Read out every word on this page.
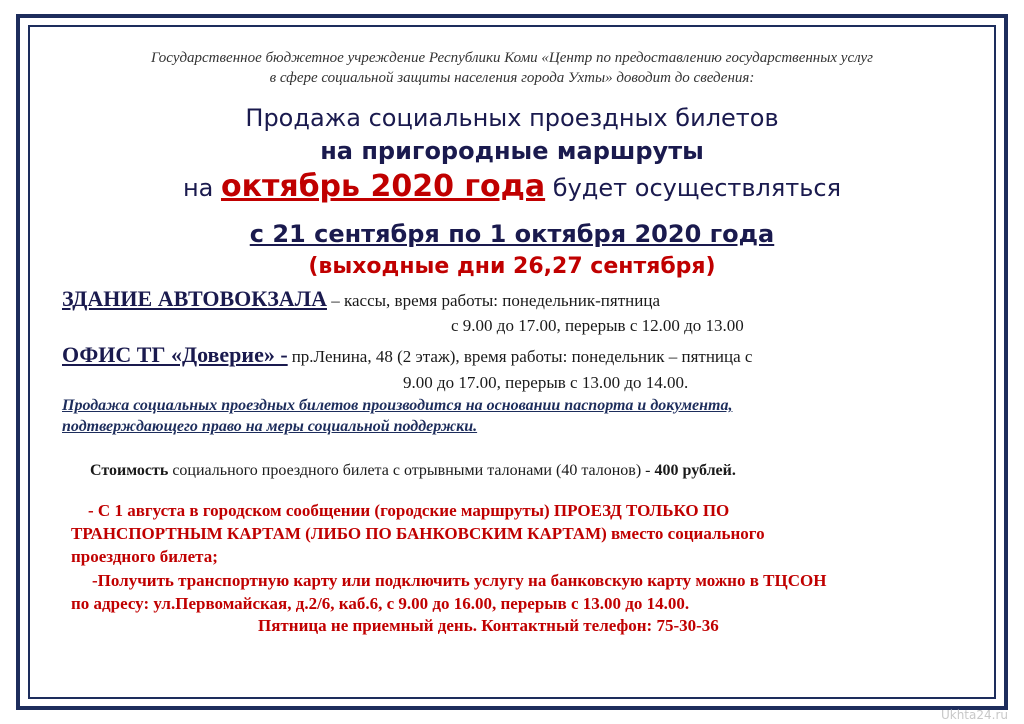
Государственное бюджетное учреждение Республики Коми «Центр по предоставлению государственных услуг
в сфере социальной защиты населения города Ухты» доводит до сведения:
Продажа социальных проездных билетов
на пригородные маршруты
на октябрь 2020 года будет осуществляться
с 21 сентября по 1 октября 2020 года
(выходные дни 26,27 сентября)
ЗДАНИЕ АВТОВОКЗАЛА – кассы, время работы: понедельник-пятница
с 9.00 до 17.00, перерыв с 12.00 до 13.00
ОФИС ТГ «Доверие» - пр.Ленина, 48 (2 этаж), время работы: понедельник – пятница с
9.00 до 17.00, перерыв с 13.00 до 14.00.
Продажа социальных проездных билетов производится на основании паспорта и документа,
подтверждающего право на меры социальной поддержки.
Стоимость социального проездного билета с отрывными талонами (40 талонов) - 400 рублей.
- С 1 августа в городском сообщении (городские маршруты) ПРОЕЗД ТОЛЬКО ПО
ТРАНСПОРТНЫМ КАРТАМ (ЛИБО ПО БАНКОВСКИМ КАРТАМ) вместо социального
проездного билета;
-Получить транспортную карту или подключить услугу на банковскую карту можно в ТЦСОН
по адресу: ул.Первомайская, д.2/6, каб.6, с 9.00 до 16.00, перерыв с 13.00 до 14.00.
Пятница не приемный день. Контактный телефон: 75-30-36
Ukhta24.ru
